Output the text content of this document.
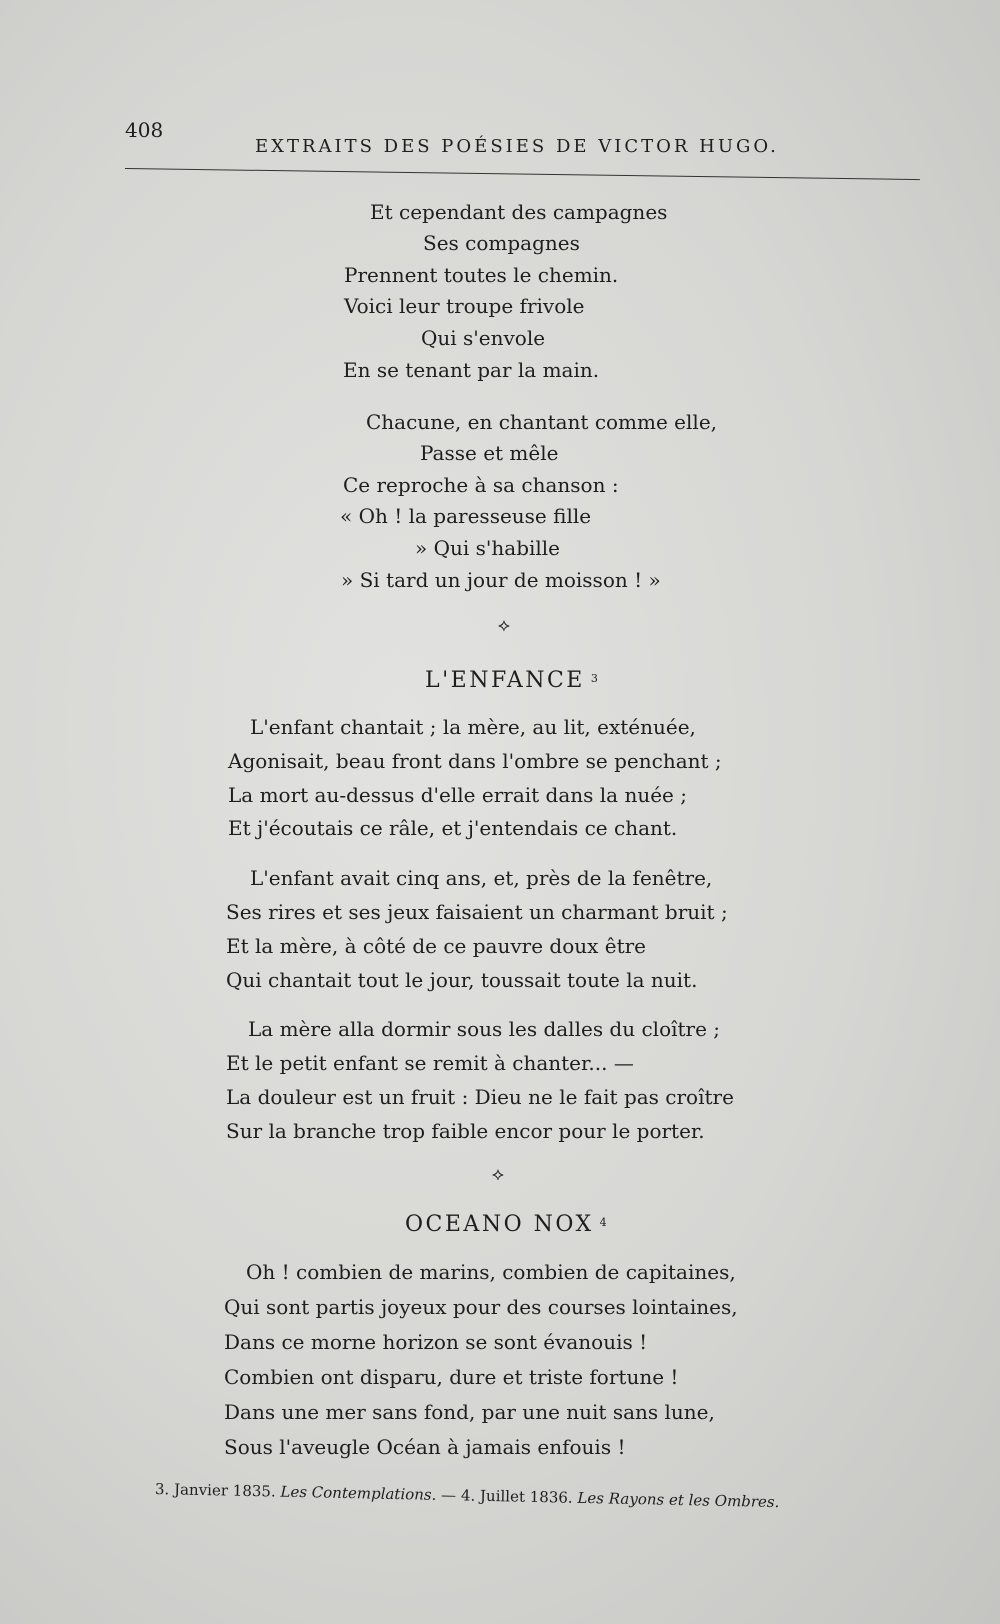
408
EXTRAITS DES POÉSIES DE VICTOR HUGO.
Et cependant des campagnes
Ses compagnes
Prennent toutes le chemin.
Voici leur troupe frivole
Qui s'envole
En se tenant par la main.
Chacune, en chantant comme elle,
Passe et mêle
Ce reproche à sa chanson :
« Oh ! la paresseuse fille
» Qui s'habille
» Si tard un jour de moisson ! »
⟡
L'ENFANCE $^3$
L'enfant chantait ; la mère, au lit, exténuée,
Agonisait, beau front dans l'ombre se penchant ;
La mort au-dessus d'elle errait dans la nuée ;
Et j'écoutais ce râle, et j'entendais ce chant.
L'enfant avait cinq ans, et, près de la fenêtre,
Ses rires et ses jeux faisaient un charmant bruit ;
Et la mère, à côté de ce pauvre doux être
Qui chantait tout le jour, toussait toute la nuit.
La mère alla dormir sous les dalles du cloître ;
Et le petit enfant se remit à chanter... —
La douleur est un fruit : Dieu ne le fait pas croître
Sur la branche trop faible encor pour le porter.
⟡
OCEANO NOX $^4$
Oh ! combien de marins, combien de capitaines,
Qui sont partis joyeux pour des courses lointaines,
Dans ce morne horizon se sont évanouis !
Combien ont disparu, dure et triste fortune !
Dans une mer sans fond, par une nuit sans lune,
Sous l'aveugle Océan à jamais enfouis !
3. Janvier 1835. Les Contemplations. — 4. Juillet 1836. Les Rayons et les Ombres.
